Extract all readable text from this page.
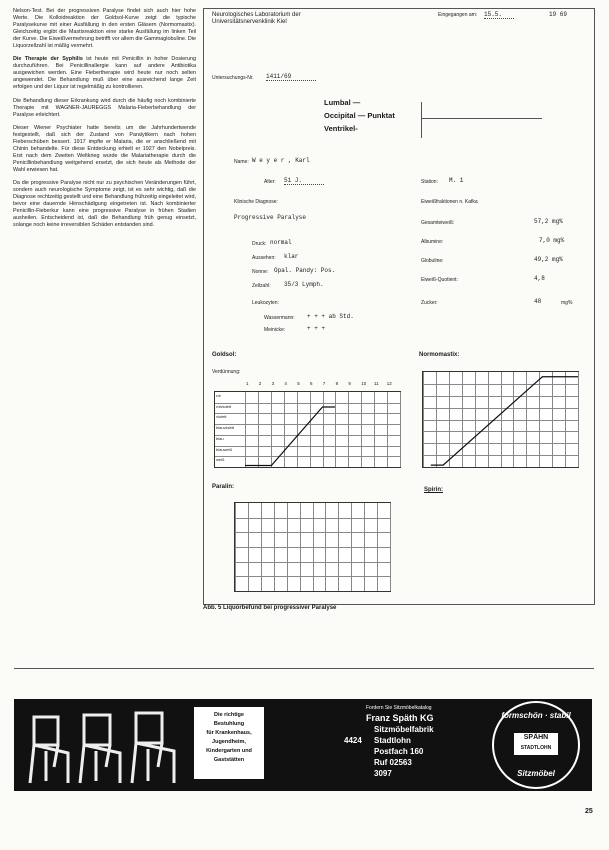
Nelson-Test. Bei der progressiven Paralyse findet sich auch hier hohe Werte. Die Kolloidreaktion der Goldsol-Kurve zeigt die typische Paralysekurve mit einer Ausfällung in den ersten Gläsern (Normomastix). Gleichzeitig ergibt die Mastixreaktion eine starke Ausfällung im linken Teil der Kurve. Die Eiweißvermehrung betrifft vor allem die Gammaglobuline. Die Liquorzellzahl ist mäßig vermehrt.

Die Therapie der Syphilis ist heute mit Penicillin in hoher Dosierung durchzuführen. Bei Penicillinallergie kann auf andere Antibiotika ausgewichen werden. Eine Fiebertherapie wird heute nur noch selten angewendet. Die Behandlung muß über eine ausreichend lange Zeit erfolgen und der Liquor ist regelmäßig zu kontrollieren.

Die Behandlung dieser Erkrankung wird durch die häufig noch kombinierte Therapie mit WAGNER-JAUREGGS Malaria-Fieberbehandlung der Paralyse erleichtert.

Dieser Wiener Psychiater hatte bereits um die Jahrhundertwende festgestellt, daß sich der Zustand von Paralytikern nach hohen Fieberschüben bessert. 1917 impfte er Malaria, die er anschließend mit Chinin behandelte. Für diese Entdeckung erhielt er 1927 den Nobelpreis. Erst nach dem Zweiten Weltkrieg wurde die Malariatherapie durch die Penicillinbehandlung weitgehend ersetzt, die sich heute als Methode der Wahl erwiesen hat.

Da die progressive Paralyse nicht nur zu psychischen Veränderungen führt, sondern auch neurologische Symptome zeigt, ist es sehr wichtig, daß die Diagnose rechtzeitig gestellt und eine Behandlung frühzeitig eingeleitet wird, bevor eine dauernde Hirnschädigung eingetreten ist. Nach kombinierter Penicillin-Fieberkur kann eine progressive Paralyse in frühen Stadien ausheilen. Entscheidend ist, daß die Behandlung früh genug einsetzt, solange noch keine irreversiblen Schäden entstanden sind.

Neurologisches Laboratorium der Universitätsnervenklinik Kiel
Eingegangen am: 15.5.	19 69
Untersuchungs-Nr. 1411/69
Lumbal —
Occipital — Punktat
Ventrikel-
Name: W e y e r , Karl
Alter: 51 J.	Station: M. 1
Klinische Diagnose:
Progressive Paralyse
Eiweißfraktionen n. Kafka
Druck: normal
Aussehen: klar
Nonne: Opal. Pandy: Pos.
Zellzahl: 35/3 Lymph.
Leukozyten:
Wassermann: + + + ab Std.
Meinicke:	+ + +
Gesamteiweiß:	57,2 mg%
Albumine:	7,0 mg%
Globuline:	49,2 mg%
Eiweiß-Quotient:	4,8
Zucker:	48	mg%
Goldsol:
Verdünnung:
rot
rotviolett
violett
blauviolett
blau
blauweiß
weiß
1 2 3 4 5 6 7 8 9 10 11 12
Normomastix:
Paralin:	Spirin:
Abb. 5 Liquorbefund bei progressiver Paralyse
Die richtige
Bestuhlung
für Krankenhaus,
Jugendheim,
Kindergarten und
Gaststätten
Fordern Sie Sitzmöbelkatalog
Franz Späth KG
Sitzmöbelfabrik
4424 Stadtlohn
Postfach 160
Ruf 02563
3097
formschön · stabil
Sitzmöbel
SPÄHN
STADTLOHN
25
